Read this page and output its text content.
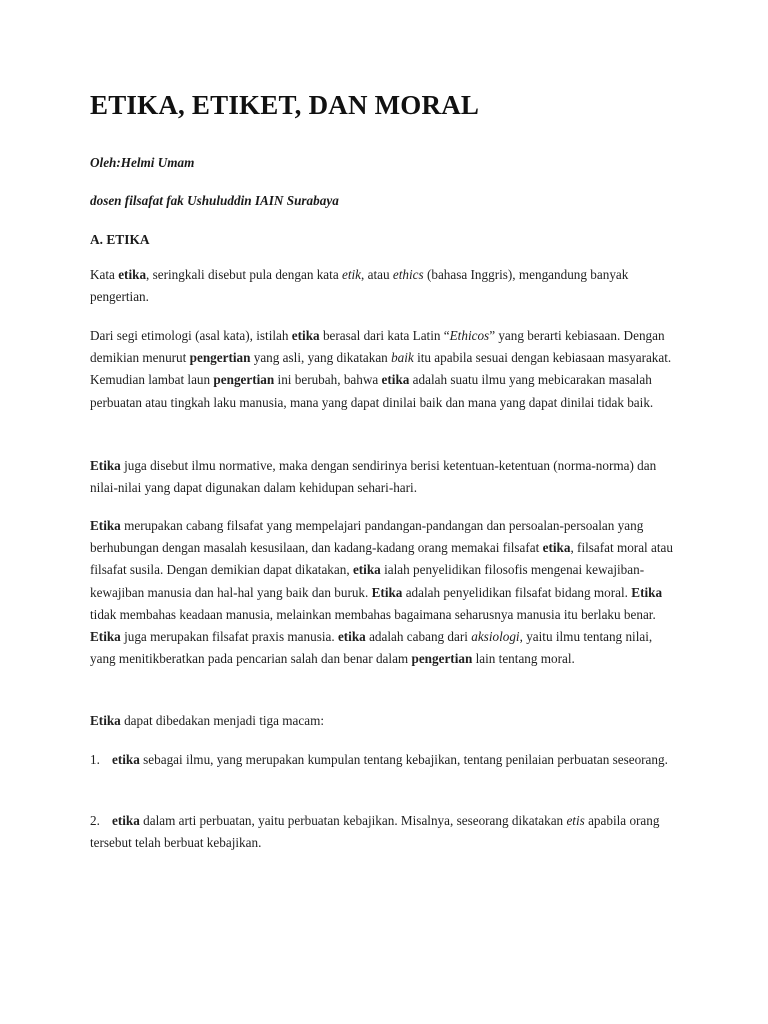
ETIKA, ETIKET, DAN MORAL
Oleh:Helmi Umam
dosen filsafat fak Ushuluddin IAIN Surabaya
A. ETIKA

Kata etika, seringkali disebut pula dengan kata etik, atau ethics (bahasa Inggris), mengandung banyak pengertian.

Dari segi etimologi (asal kata), istilah etika berasal dari kata Latin “Ethicos” yang berarti kebiasaan. Dengan demikian menurut pengertian yang asli, yang dikatakan baik itu apabila sesuai dengan kebiasaan masyarakat. Kemudian lambat laun pengertian ini berubah, bahwa etika adalah suatu ilmu yang mebicarakan masalah perbuatan atau tingkah laku manusia, mana yang dapat dinilai baik dan mana yang dapat dinilai tidak baik.

Etika juga disebut ilmu normative, maka dengan sendirinya berisi ketentuan-ketentuan (norma-norma) dan nilai-nilai yang dapat digunakan dalam kehidupan sehari-hari.

Etika merupakan cabang filsafat yang mempelajari pandangan-pandangan dan persoalan-persoalan yang berhubungan dengan masalah kesusilaan, dan kadang-kadang orang memakai filsafat etika, filsafat moral atau filsafat susila. Dengan demikian dapat dikatakan, etika ialah penyelidikan filosofis mengenai kewajiban-kewajiban manusia dan hal-hal yang baik dan buruk. Etika adalah penyelidikan filsafat bidang moral. Etika tidak membahas keadaan manusia, melainkan membahas bagaimana seharusnya manusia itu berlaku benar. Etika juga merupakan filsafat praxis manusia. etika adalah cabang dari aksiologi, yaitu ilmu tentang nilai, yang menitikberatkan pada pencarian salah dan benar dalam pengertian lain tentang moral.

Etika dapat dibedakan menjadi tiga macam:

1. etika sebagai ilmu, yang merupakan kumpulan tentang kebajikan, tentang penilaian perbuatan seseorang.

2. etika dalam arti perbuatan, yaitu perbuatan kebajikan. Misalnya, seseorang dikatakan etis apabila orang tersebut telah berbuat kebajikan.
